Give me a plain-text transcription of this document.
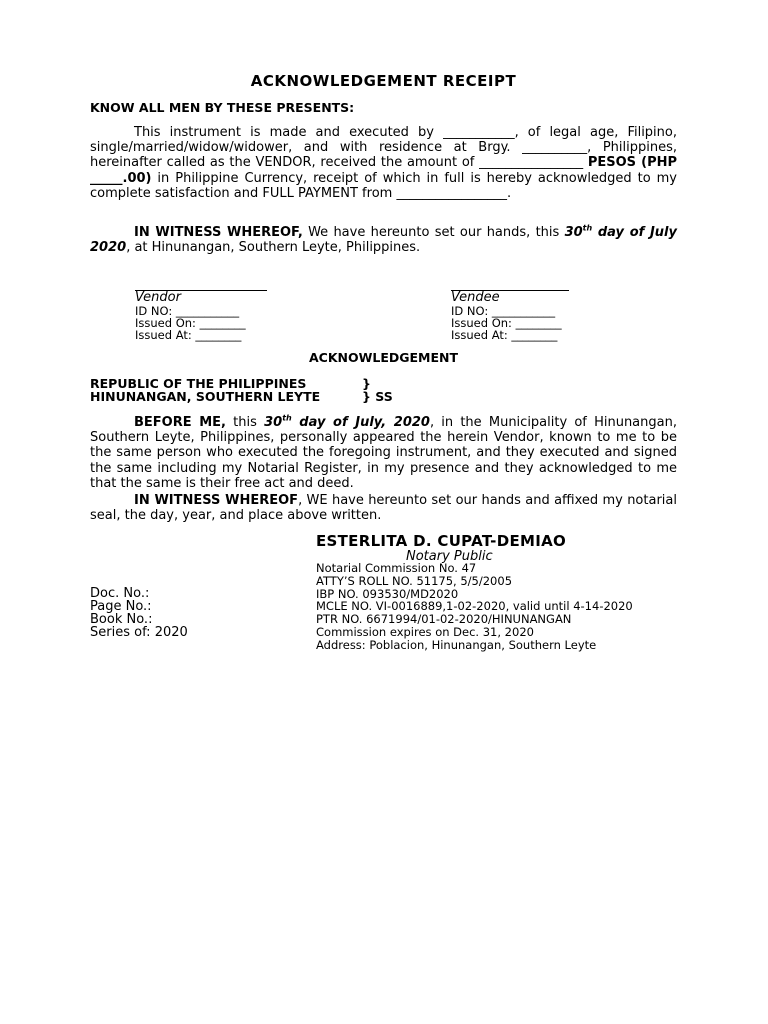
ACKNOWLEDGEMENT RECEIPT
KNOW ALL MEN BY THESE PRESENTS:
This instrument is made and executed by ___________, of legal age, Filipino, single/married/widow/widower, and with residence at Brgy. __________, Philippines, hereinafter called as the VENDOR, received the amount of ________________ PESOS (PHP _____.00) in Philippine Currency, receipt of which in full is hereby acknowledged to my complete satisfaction and FULL PAYMENT from _________________.
IN WITNESS WHEREOF, We have hereunto set our hands, this 30th day of July 2020, at Hinunangan, Southern Leyte, Philippines.
Vendor
ID NO: ___________
Issued On: ________
Issued At: ________
Vendee
ID NO: ___________
Issued On: ________
Issued At: ________
ACKNOWLEDGEMENT
REPUBLIC OF THE PHILIPPINES	}
HINUNANGAN, SOUTHERN LEYTE	} SS
BEFORE ME, this 30th day of July, 2020, in the Municipality of Hinunangan, Southern Leyte, Philippines, personally appeared the herein Vendor, known to me to be the same person who executed the foregoing instrument, and they executed and signed the same including my Notarial Register, in my presence and they acknowledged to me that the same is their free act and deed.
IN WITNESS WHEREOF, WE have hereunto set our hands and affixed my notarial seal, the day, year, and place above written.
ESTERLITA D. CUPAT-DEMIAO
Notary Public
Notarial Commission No. 47
ATTY’S ROLL NO. 51175, 5/5/2005
IBP NO. 093530/MD2020
MCLE NO. VI-0016889,1-02-2020, valid until 4-14-2020
PTR NO. 6671994/01-02-2020/HINUNANGAN
Commission expires on Dec. 31, 2020
Address: Poblacion, Hinunangan, Southern Leyte
Doc. No.:
Page No.:
Book No.:
Series of: 2020
